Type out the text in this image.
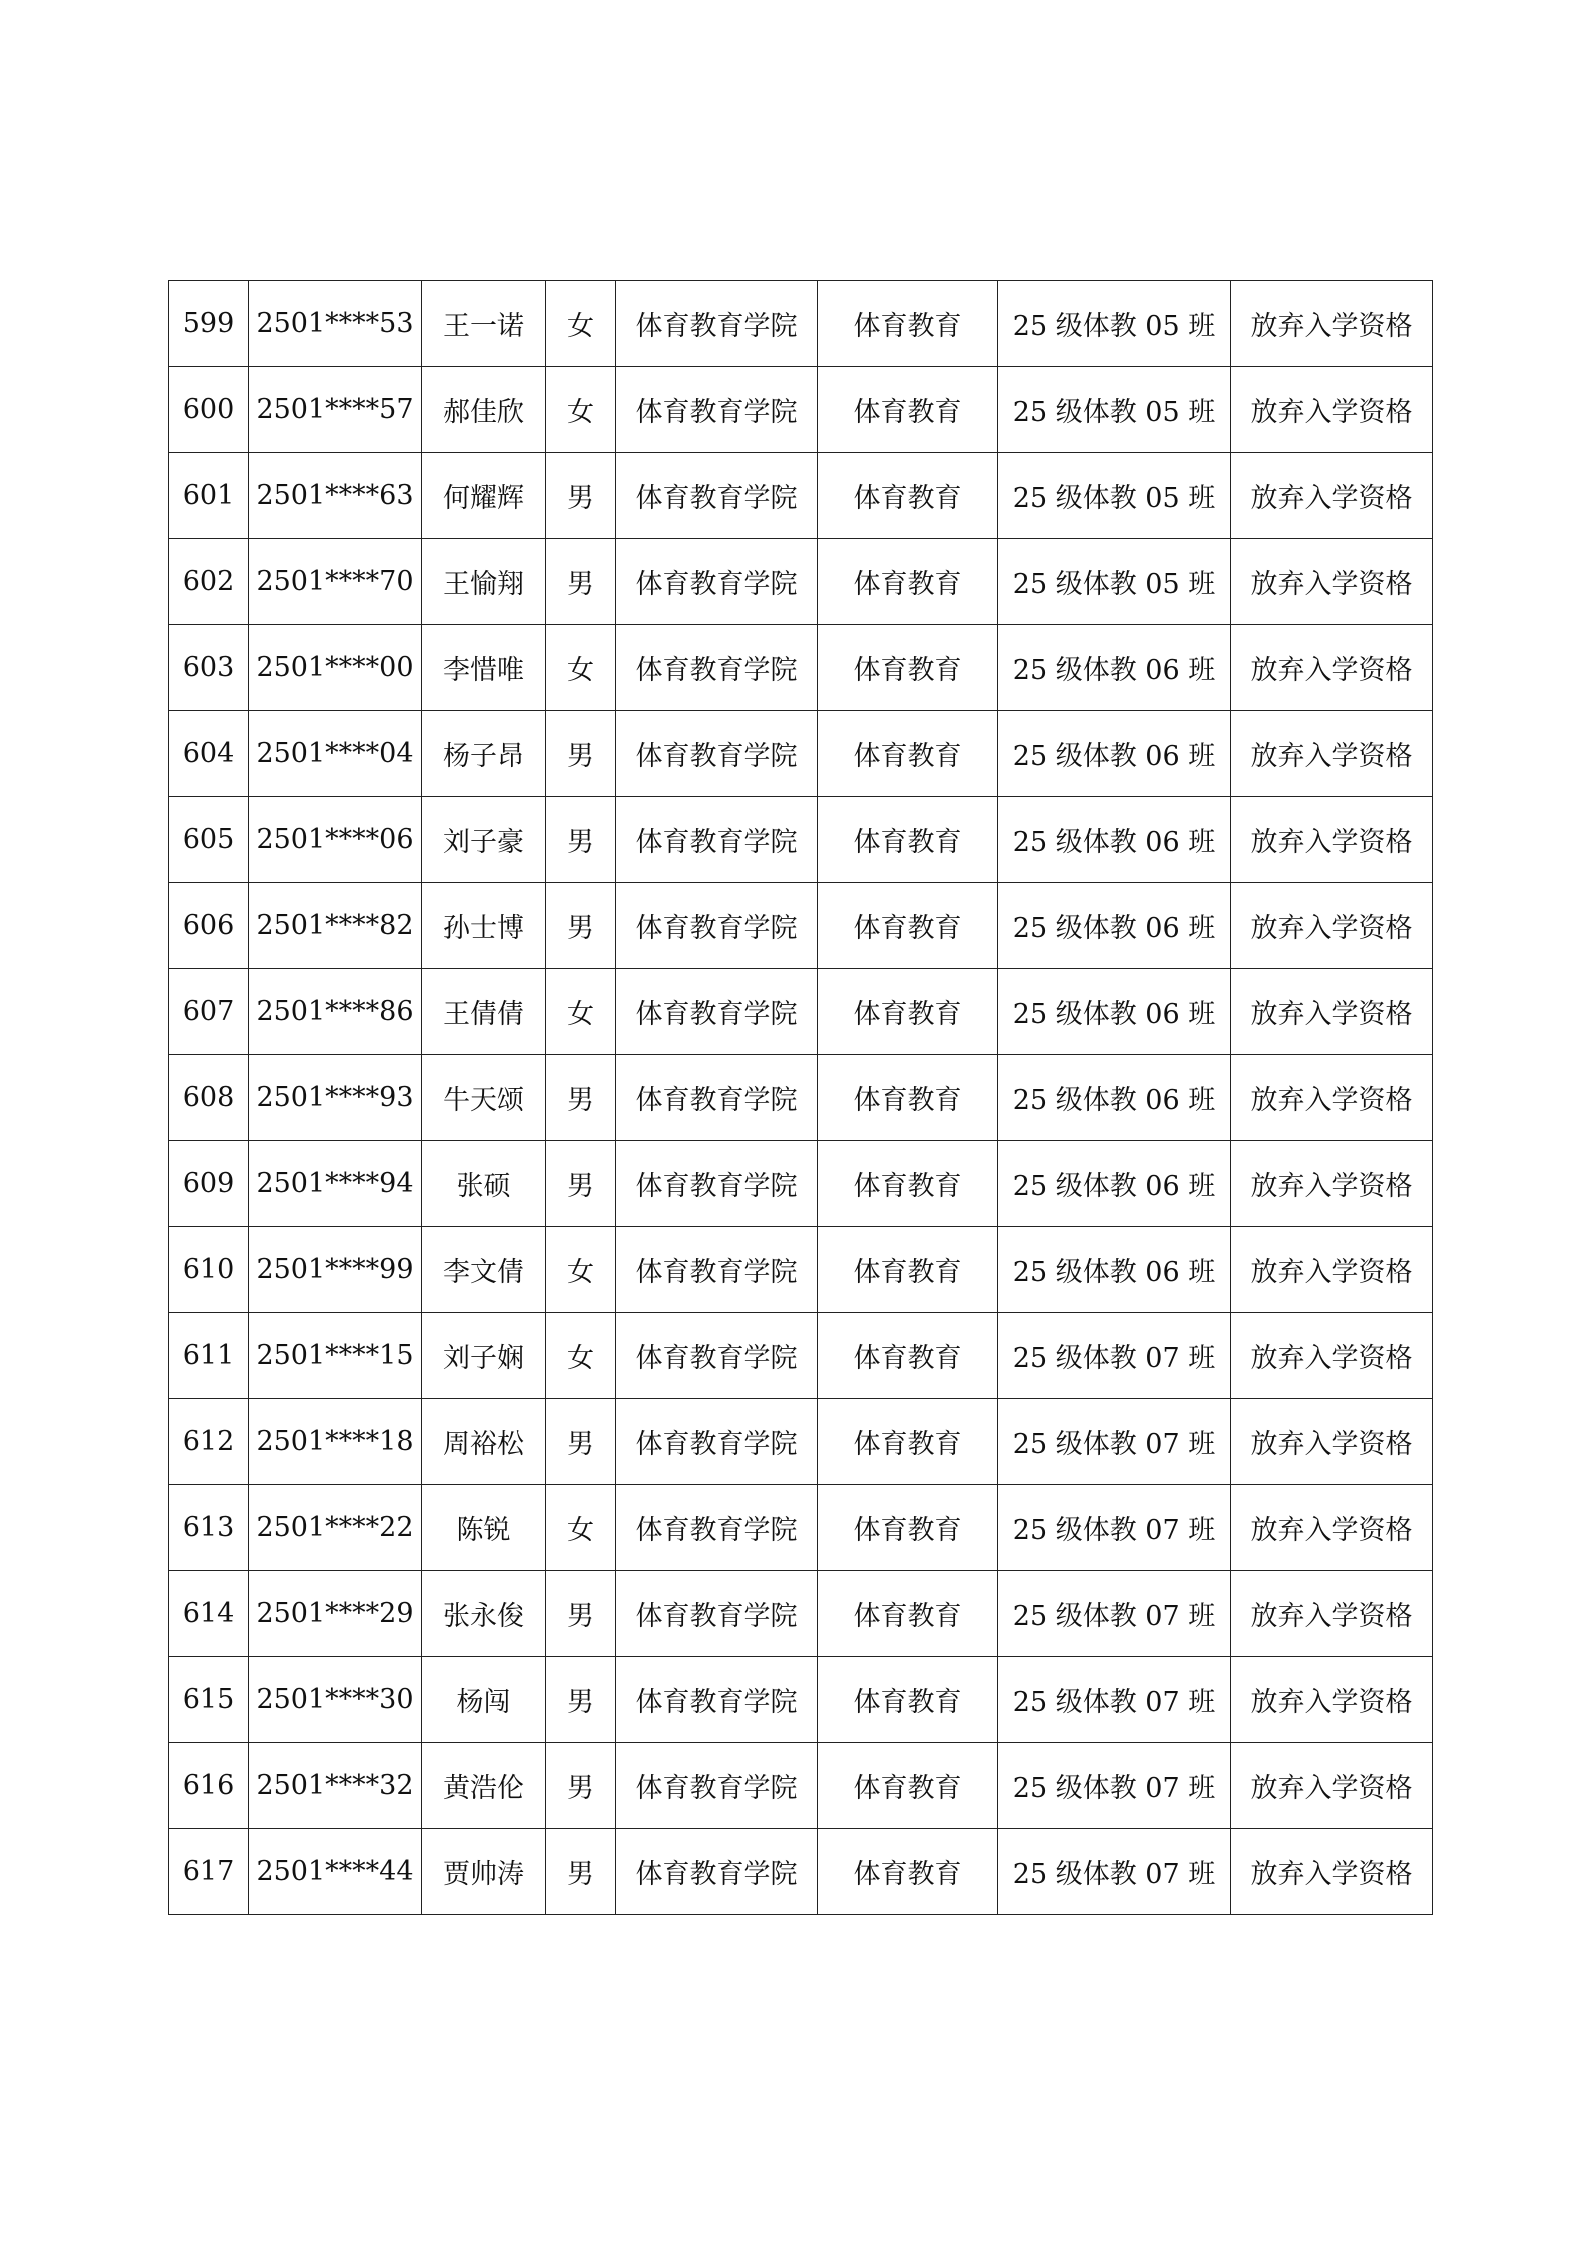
599	2501****53	王一诺	女	体育教育学院	体育教育	25 级体教 05 班	放弃入学资格
600	2501****57	郝佳欣	女	体育教育学院	体育教育	25 级体教 05 班	放弃入学资格
601	2501****63	何耀辉	男	体育教育学院	体育教育	25 级体教 05 班	放弃入学资格
602	2501****70	王愉翔	男	体育教育学院	体育教育	25 级体教 05 班	放弃入学资格
603	2501****00	李惜唯	女	体育教育学院	体育教育	25 级体教 06 班	放弃入学资格
604	2501****04	杨子昂	男	体育教育学院	体育教育	25 级体教 06 班	放弃入学资格
605	2501****06	刘子豪	男	体育教育学院	体育教育	25 级体教 06 班	放弃入学资格
606	2501****82	孙士博	男	体育教育学院	体育教育	25 级体教 06 班	放弃入学资格
607	2501****86	王倩倩	女	体育教育学院	体育教育	25 级体教 06 班	放弃入学资格
608	2501****93	牛天颂	男	体育教育学院	体育教育	25 级体教 06 班	放弃入学资格
609	2501****94	张硕	男	体育教育学院	体育教育	25 级体教 06 班	放弃入学资格
610	2501****99	李文倩	女	体育教育学院	体育教育	25 级体教 06 班	放弃入学资格
611	2501****15	刘子娴	女	体育教育学院	体育教育	25 级体教 07 班	放弃入学资格
612	2501****18	周裕松	男	体育教育学院	体育教育	25 级体教 07 班	放弃入学资格
613	2501****22	陈锐	女	体育教育学院	体育教育	25 级体教 07 班	放弃入学资格
614	2501****29	张永俊	男	体育教育学院	体育教育	25 级体教 07 班	放弃入学资格
615	2501****30	杨闯	男	体育教育学院	体育教育	25 级体教 07 班	放弃入学资格
616	2501****32	黄浩伦	男	体育教育学院	体育教育	25 级体教 07 班	放弃入学资格
617	2501****44	贾帅涛	男	体育教育学院	体育教育	25 级体教 07 班	放弃入学资格
